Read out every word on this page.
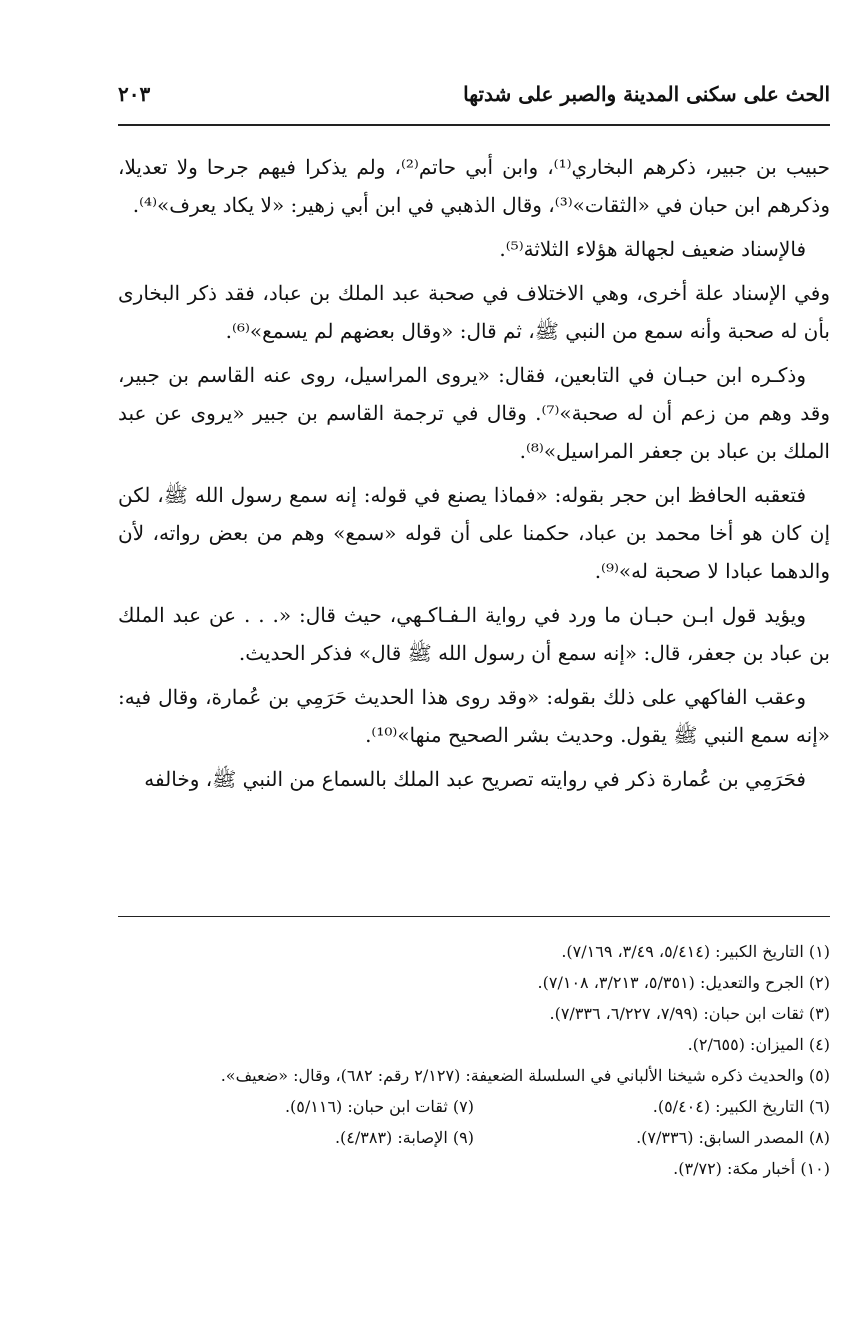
الحث على سكنى المدينة والصبر على شدتها
٢٠٣

حبيب بن جبير، ذكرهم البخاري⁽¹⁾، وابن أبي حاتم⁽²⁾، ولم يذكرا فيهم جرحا ولا تعديلا، وذكرهم ابن حبان في «الثقات»⁽³⁾، وقال الذهبي في ابن أبي زهير: «لا يكاد يعرف»⁽⁴⁾.

فالإسناد ضعيف لجهالة هؤلاء الثلاثة⁽⁵⁾.

وفي الإسناد علة أخرى، وهي الاختلاف في صحبة عبد الملك بن عباد، فقد ذكر البخارى بأن له صحبة وأنه سمع من النبي ﷺ، ثم قال: «وقال بعضهم لم يسمع»⁽⁶⁾.

وذكـره ابن حبـان في التابعين، فقال: «يروى المراسيل، روى عنه القاسم بن جبير، وقد وهم من زعم أن له صحبة»⁽⁷⁾. وقال في ترجمة القاسم بن جبير «يروى عن عبد الملك بن عباد بن جعفر المراسيل»⁽⁸⁾.

فتعقبه الحافظ ابن حجر بقوله: «فماذا يصنع في قوله: إنه سمع رسول الله ﷺ، لكن إن كان هو أخا محمد بن عباد، حكمنا على أن قوله «سمع» وهم من بعض رواته، لأن والدهما عبادا لا صحبة له»⁽⁹⁾.

ويؤيد قول ابـن حبـان ما ورد في رواية الـفـاكـهي، حيث قال: «. . . عن عبد الملك بن عباد بن جعفر، قال: «إنه سمع أن رسول الله ﷺ قال» فذكر الحديث.

وعقب الفاكهي على ذلك بقوله: «وقد روى هذا الحديث حَرَمِي بن عُمارة، وقال فيه: «إنه سمع النبي ﷺ يقول. وحديث بشر الصحيح منها»⁽¹⁰⁾.

فحَرَمِي بن عُمارة ذكر في روايته تصريح عبد الملك بالسماع من النبي ﷺ، وخالفه

(١) التاريخ الكبير: (٥/٤١٤، ٣/٤٩، ٧/١٦٩).

(٢) الجرح والتعديل: (٥/٣٥١، ٣/٢١٣، ٧/١٠٨).

(٣) ثقات ابن حبان: (٧/٩٩، ٦/٢٢٧، ٧/٣٣٦).

(٤) الميزان: (٢/٦٥٥).

(٥) والحديث ذكره شيخنا الألباني في السلسلة الضعيفة: (٢/١٢٧ رقم: ٦٨٢)، وقال: «ضعيف».

(٦) التاريخ الكبير: (٥/٤٠٤).

(٧) ثقات ابن حبان: (٥/١١٦).

(٨) المصدر السابق: (٧/٣٣٦).

(٩) الإصابة: (٤/٣٨٣).

(١٠) أخبار مكة: (٣/٧٢).
